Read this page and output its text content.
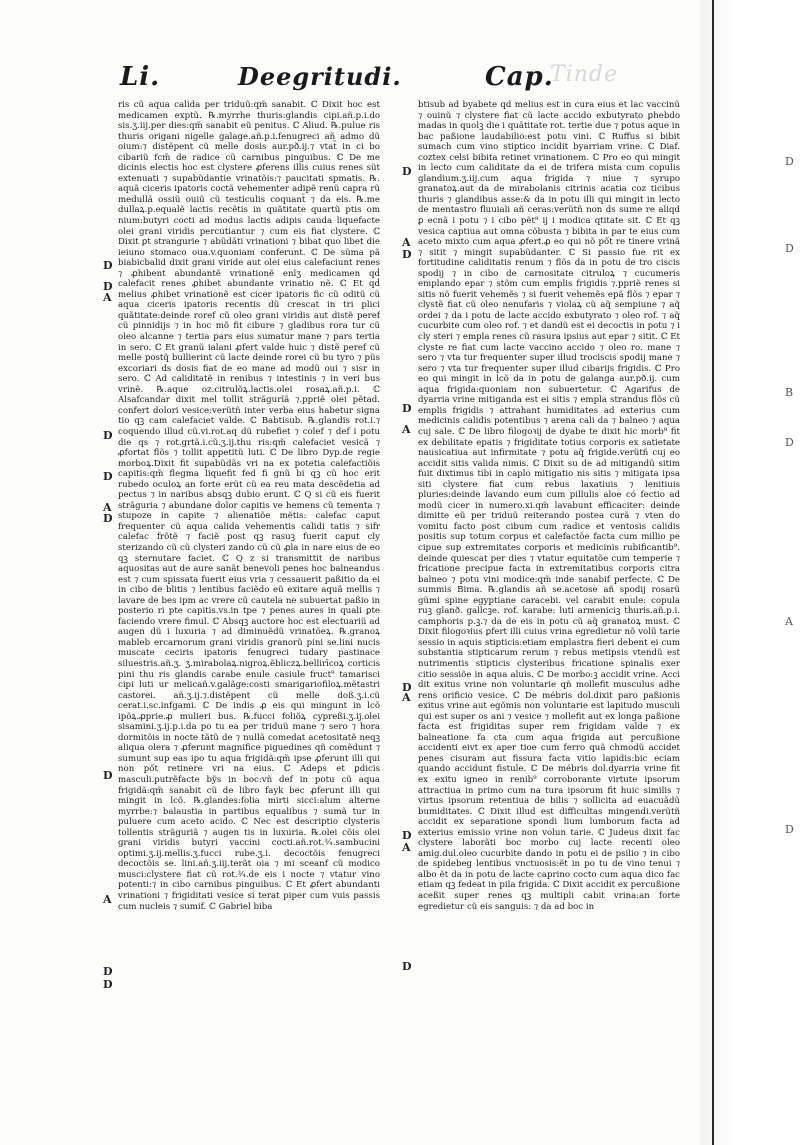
Li.	Deegritudi.	Cap.
Tinde

ris cũ aqua calida per triduũ:qm̃ sanabit. ℂ Dixit hoc est medicamen exptũ. ℞.myrrhe thuris:glandis cipi.añ.p.i.do sis.ʒ.iij.per dies:qm̃ sanabit eũ penitus. ℂ Aliud. ℞.pulue ris thuris origani nigelle galage.añ.p.i.fenugreci añ admo dũ oium:⁊ distẽpent cũ melle dosis aur.pð.ij.⁊ vtat̃ in ci bo cibariũ fcm̃ de radice cũ carnibus pinguibus. ℂ De me dicinis electis hoc est clystere ꝓferens illis cuius renes sũt extenuati ⁊ supabũdantie vrinatõis:⁊ paucitati spmatis. ℞. aquã ciceris ipatoris coctã vehementer adipẽ renũ capra rũ medullã ossiũ ouiũ cũ testiculis coquant̃ ⁊ da eis. ℞.me dullaꝝ.p.equalẽ lactis recẽtis in quãtitate quartũ ptis om nium:butyri cocti ad modus lactis adipis cauda liquefacte olei grani viridis percutiantur ⁊ cum eis fiat clystere. ℂ Dixit ꝑt strangurie ⁊ abũdãti vrinationi ⁊ bibat quo libet die ieiuno stomaco oua.v.quoniam conferunt. ℂ De sũma pã biabicbalid dixit grani viride aut olei eius calefaciunt renes ⁊ ꝓhibent abundantẽ vrinationẽ enĩʒ medicamen qḋ calefacit renes ꝓhibet abundante vrinatio nẽ. ℂ Et qḋ melius ꝓhibet vrinationẽ est cicer ipatoris fic cũ oditũ cũ aqua ciceris ipatoris recentis dũ crescat in tri plici quãtitate:deinde roref cũ oleo grani viridis aut distẽ peref cũ pinnidijs ⁊ in hoc mõ fit cibure ⁊ gladibus rora tur cũ oleo alcanne ⁊ tertia pars eius sumatur mane ⁊ pars tertia in sero. ℂ Et granũ ialani ꝓfert valde huic ⁊ distẽ peref cũ melle postq̃ bullierint cũ lacte deinde rorei cũ bu tyro ⁊ pũs excoriari ds dosis fiat de eo mane ad modũ oui ⁊ sisr in sero. ℂ Ad caliditatẽ in renibus ⁊ intestinis ⁊ in veri bus vrinẽ. ℞.aque oz.citrulõꝝ.lactis.olei rosaꝝ.añ.p.i. ℂ Alsafcandar dixit mel tollit strãgurĩã ⁊.ppriẽ olei pẽtad. confert dolori vesice:verũtñ inter verba eius habetur signa tio qꝫ cam calefaciet valde. ℂ Babtisub. ℞.glandis rot.i.⁊ coquendo illud cũ.vi.rot.aq dũ rubefiet ⁊ colef ⁊ def i potu die qs ⁊ rot.grtã.i.cũ.ʒ.ij.thu ris:qm̃ calefaciet vesicã ⁊ ꝓfortat flõs ⁊ tollit appetitũ luti. ℂ De libro Dyp.de regie morboꝝ.Dixit fit supabũdãs vri na ex potetia calefactiõis capitis:qm̃ flegma liquefit fed fi gnũ bi qꝫ cũ hoc erit rubedo oculoꝝ an forte erũt cũ ea reu mata descẽdetia ad pectus ⁊ in naribus absqꝫ dubio erunt. ℂ Q si cũ eis fuerit strãguria ⁊ abundane dolor capitis ve hemens cũ tementa ⁊ stupoze in capite ⁊ alienatiõe mẽtis: calefac caput frequenter cũ aqua calida vehementis calidi tatis ⁊ sifr calefac frõtẽ ⁊ faciẽ post qꝫ rasuꝫ fuerit caput cly sterizando cũ cũ clysteri zando cũ cũ ꝓla in nare eius de eo qꝫ sternutare faciet. ℂ Q z si transmittit de naribus aquositas aut de aure sanãt benevoli penes hoc balneandus est ⁊ cum spissata fuerit eius vria ⁊ cessauerit paßitio da ei in cibo de blitis ⁊ lentibus faciẽdo eũ exitare aquã mellis ⁊ lavare de bes ipm ac vrere cũ cautela ne subuertat paßio in posterio ri pte capitis.vs.in tpe ⁊ penes aures in quali ꝑte faciendo vrere fimul. ℂ Absqꝫ auctore hoc est electuariũ ad augen dũ i luxuria ⁊ ad diminuẽdũ vrinatõeꝝ. ℞.granoꝝ mableb ercarnorum grani viridis granorũ pini se.lini nucis muscate ceciris ipatoris fenugreci tudary pastinace siluestris.añ.ʒ. ʒ.mirabolaꝝ.nigroꝝ.ẽbliczꝝ.bellirīcoꝝ corticis pini thu ris glandis carabe enule casiule fruct⁹ tamarisci cipi luti ur melicañ.v.galãge:costi smarigariofiloꝝ.mẽtastri castorei. añ.ʒ.ij.⁊.distẽpent cũ melle doß.ʒ.i.cũ cerat.i.sc.infgami. ℂ De indis ꝓ eis qui mingunt in lcõ ipõꝝ.ꝓprie.ꝓ mulieri bus. ℞.fucci foliõꝝ cypreßi.ʒ.ij.olei sisamini.ʒ.ij.p.i.da po tu ea per triduũ mane ⁊ sero ⁊ hora dormitõis in nocte tãtũ de ⁊ nullã comedat acetositatẽ neqꝫ aliqua olera ⁊ ꝓferunt magnifice piguedines qñ comẽdunt ⁊ sumunt sup eas ipo tu aqua frigidã:qm̃ ipse ꝓferunt illi qui non pốt retinere vri na eius. ℂ Adeps et ꝑdicis masculi.putrẽfacte bỹs in boc:vñ def in potu cũ aqua frigidã:qm̃ sanabit cũ de libro fayk bec ꝓferunt illi qui mingit in lcõ. ℞.glandes:folia mirti sicci:alum alterne myrrbe:⁊ balaustia in partibus equalibus ⁊ sumã tur in puluere cum aceto acido. ℂ Nec est descriptio clysteris tollentis strãguriã ⁊ augen tis in luxuria. ℞.olei cõis olei grani viridis butyri vaccini cocti.añ.rot.¾.sambucini optimi.ʒ.ij.mellis.ʒ.fucci rube.ʒ.i. decoctõis fenugreci decoctõis se. lini.añ.ʒ.iij.terãt oia ⁊ mi sceanf cũ modico musci:clystere fiat cũ rot.¾.de eis i nocte ⁊ vtatur vino potenti:⁊ in cibo carnibus pinguibus. ℂ Et ꝓfert abundanti vrinationi ⁊ frigiditati vesice si terat piper cum vuis passis cum nucleis ⁊ sumif. ℂ Gabriel biba

btisub ad byabete qḋ melius est in cura eius et lac vaccinũ ⁊ ouinũ ⁊ clystere fiat cũ lacte accido exbutyrato ꝑhebdo madas in quolꝫ die i quãtitate rot. tertie due ⁊ potus aque in bac paßione laudabilio:est potu vini. ℂ Ruffus si bibit sumach cum vino stiptico incidit byarriam vrine. ℂ Diaf. coztex celsi bibita retinet vrinationem. ℂ Pro eo qui mingit in lecto cum caliditate da ei de trifera mista cum copulis glandium.ʒ.iij.cum aqua frigida ⁊ niue ⁊ syrupo granatoꝝ.aut da de mirabolanis citrinis acatia coz ticibus thuris ⁊ glandibus asse:& da in potu illi qui mingit in lecto de mentastro fluuiali añ ceras:verũtñ non ds sume re aliqd ꝑ ecnã i potu ⁊ i cibo pẽt⁹ ij i modica qtitate sit. ℂ Et qꝫ vesica captiua aut omna cõbusta ⁊ bibita in par te eius cum aceto mixto cum aqua ꝓfert.ꝓ eo qui nõ pốt re tinere vrinã ⁊ sitit ⁊ mingit supabũdanter. ℂ Si passio fue rit ex fortitudine caliditatis renum ⁊ flõs da in potu de tro ciscis spodij ⁊ in cibo de carnositate citruloꝝ ⁊ cucumeris emplando epar ⁊ stõm cum emplis frigidis ⁊.ppriẽ renes si sitis nõ fuerit vehemẽs ⁊ si fuerit vehemẽs epã flõs ⁊ epar ⁊ clystẽ fiat cũ oleo nenufaris ⁊ violaꝝ cũ aq̃ sempiune ⁊ aq̃ ordei ⁊ da i potu de lacte accido exbutyrato ⁊ oleo rof. ⁊ aq̃ cucurbite cum oleo rof. ⁊ et dandũ est ei decoctis in potu ⁊ i cly steri ⁊ empla renes cũ rasura ipsius aut epar ⁊ sitit. ℂ Et clyste re fiat cum lacte vaccino accido ⁊ oleo ro. mane ⁊ sero ⁊ vta tur frequenter super illud trociscis spodij mane ⁊ sero ⁊ vta tur frequenter super illud cibarijs frigidis. ℂ Pro eo qui mingit in lcõ da in potu de galanga aur.pð.ij. cum aqua frigida:quoniam non subuertetur. ℂ Agarifus de dyarria vrine mitiganda est ei sitis ⁊ empla strandus flõs cũ emplis frigidis ⁊ attrahant humiditates ad exterius cum medicinis calidis potentibus ⁊ arena cali da ⁊ balneo ⁊ aqua cuj sale. ℂ De libro filogoꝛij de dyabe te dixit hic morb⁹ fit ex debilitate epatis ⁊ frigiditate totius corporis ex satietate nausicatiua aut infirmitate ⁊ potu aq̃ frigide.verũtñ cuj eo accidit sitis valida nimis. ℂ Dixit su de ad mitigandũ sitim fuit dixtimus tibi in caplo mitigatio nis sitis ⁊ mitigata ipsa siti clystere fiat cum rebus laxatiuis ⁊ lenitiuis pluries:deinde lavando eum cum pillulis aloe có fectio ad modũ cicer in numero.xi.qm̃ lavabunt efficaciter: deinde dimitte eũ per triduũ reiterando postea curã ⁊ vten do vomitu facto post cibum cum radice et ventosis calidis positis sup totum corpus et calefactõe facta cum millio pe cipue sup extremitates corporis et medicinis rubificantib⁹. deinde quiescat per dies ⁊ vtatur equitatõe cum temperie ⁊ fricatione precipue facta in extremitatibus corporis citra balneo ⁊ potu vini modice:qm̃ inde sanabif perfecte. ℂ De summis Bima. ℞.glandis añ se.acetose añ spodij rosarũ gũmi spine egyptiane caracebi. vel carabit enule: copula ruꝫ glanð. gallcꝫe. rof. karabe: luti armeniciꝫ thuris.añ.p.i. camphoris p.ꝫ.⁊ da de eis in potu cũ aq̃ granatoꝝ must. ℂ Dixit filogoꝛius ꝑfert illi cuius vrina egredietur nõ volũ tarie sessio in aquis stipticis:etiam emplastra fieri debent ei cum substantia stipticarum rerum ⁊ rebus metipsis vtendũ est nutrimentis stipticis clysteribus fricatione spinalis exer citio sessiõe in aqua aluis. ℂ De morbo:ꝫ accidit vrine. Acci dit exitus vrine non voluntarie qñ mollefit musculus adhe rens orificio vesice. ℂ De mébris dol.dixit paro paßionis exitus vrine aut egõmis non voluntarie est lapitudo musculi qui est super os ani ⁊ vesice ⁊ mollefit aut ex longa paßione facta est frigiditas super rem frigidam valde ⁊ ex balneatione fa cta cum aqua frigida aut percußione accidenti eivt ex aper tioe cum ferro quã chmodũ accidet penes cisuram aut fissura facta vitio lapidis:bic eciam quando accidunt fistule. ℂ De mébris dol.dyarria vrine fit ex exitu igneo in renib⁹ corroborante virtute ipsorum attractiua in primo cum na tura ipsorum fit huic similis ⁊ virtus ipsorum retentiua de bilis ⁊ sollicita ad euacuãdũ bumiditates. ℂ Dixit illud est difficultas mingendi.verũtñ accidit ex separatione spondi lium lumborum facta ad exterius emissio vrine non volun tarie. ℂ Judeus dixit fac clystere laborãti boc morbo cuj lacte recenti oleo amig.dul.oleo cucurbite dando in potu ei de psilio ⁊ in cibo de spidebeg lentibus vnctuosis:ẽt in po tu de vino tenui ⁊ albo ẽt da in potu de lacte caprino cocto cum aqua dico fac etiam qꝫ fedeat in pila frigida. ℂ Dixit accidit ex percußione aceßit super renes qꝫ multipli cabit vrina:an forte egredietur cũ eis sanguis: ⁊ da ad boc in

D
D
A
D
D
A
D
D
A
D
D
D
A
D
D
A
D
A
D
A
D
D
D
B
D
A
D
